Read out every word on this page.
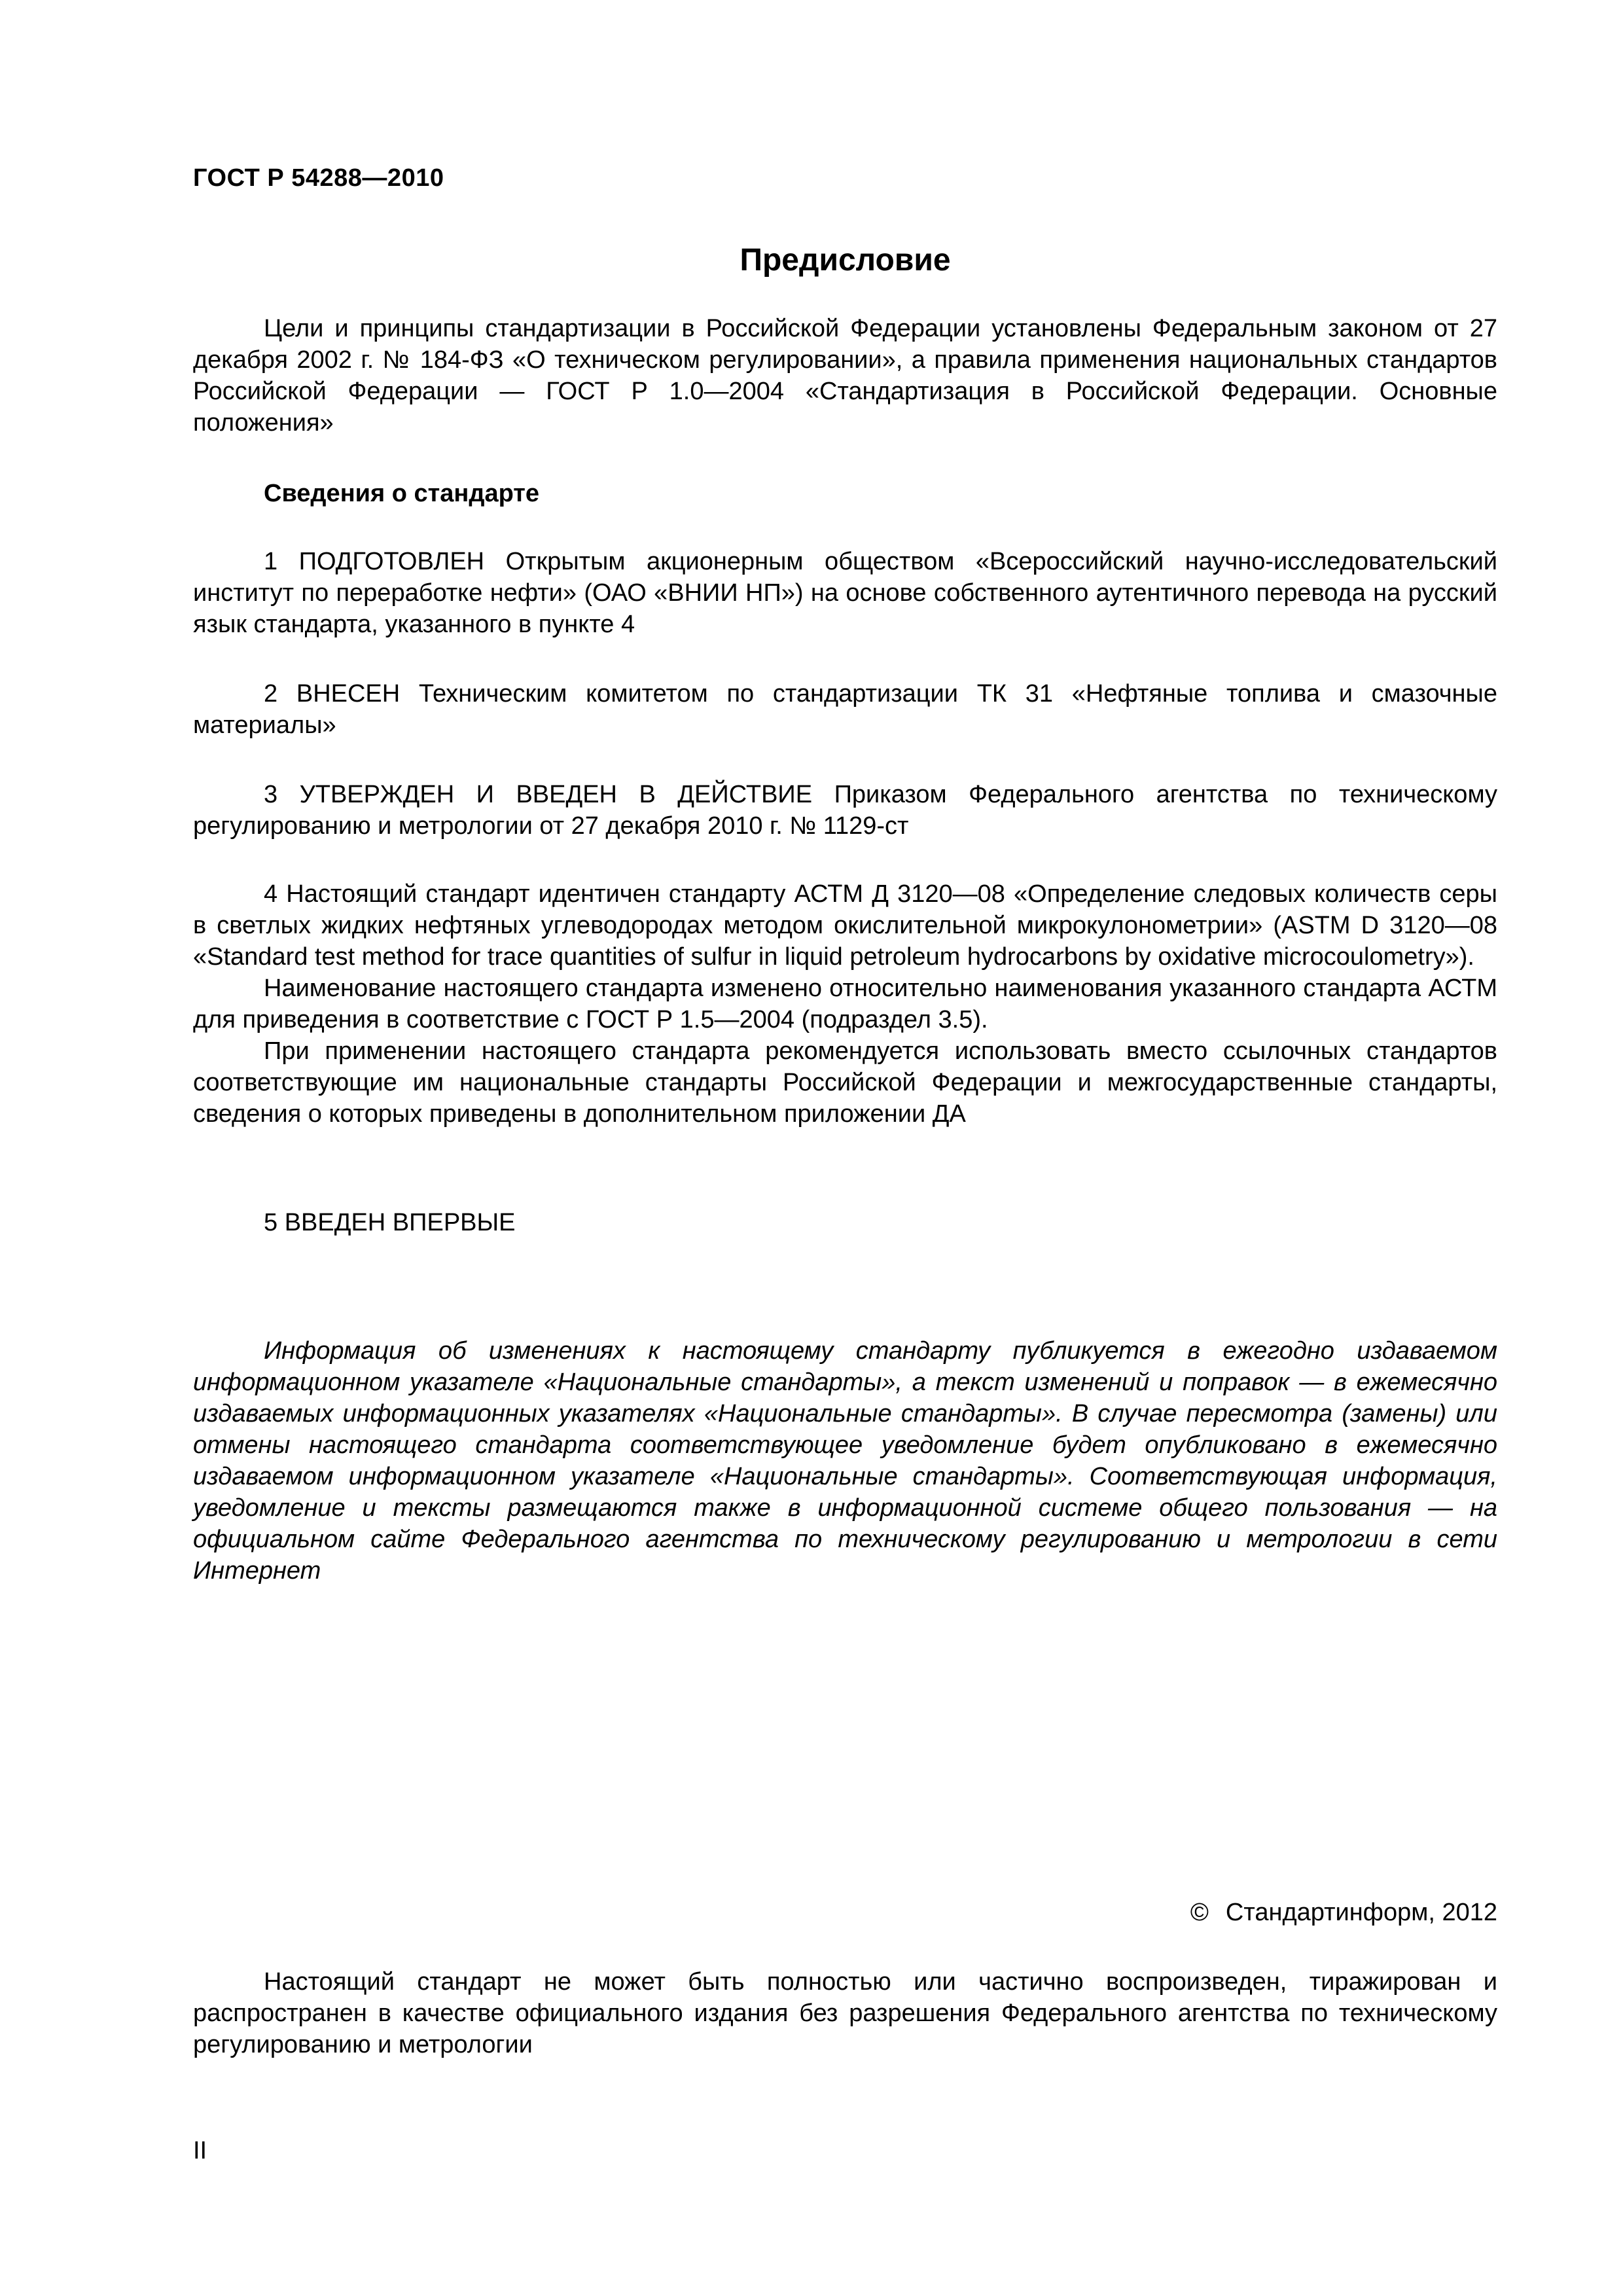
ГОСТ Р 54288—2010
Предисловие

Цели и принципы стандартизации в Российской Федерации установлены Федеральным законом от 27 декабря 2002 г. № 184-ФЗ «О техническом регулировании», а правила применения национальных стандартов Российской Федерации — ГОСТ Р 1.0—2004 «Стандартизация в Российской Федерации. Основные положения»

Сведения о стандарте

1 ПОДГОТОВЛЕН Открытым акционерным обществом «Всероссийский научно-исследовательский институт по переработке нефти» (ОАО «ВНИИ НП») на основе собственного аутентичного перевода на русский язык стандарта, указанного в пункте 4

2 ВНЕСЕН Техническим комитетом по стандартизации ТК 31 «Нефтяные топлива и смазочные материалы»

3 УТВЕРЖДЕН И ВВЕДЕН В ДЕЙСТВИЕ Приказом Федерального агентства по техническому регулированию и метрологии от 27 декабря 2010 г. № 1129-ст

4 Настоящий стандарт идентичен стандарту АСТМ Д 3120—08 «Определение следовых количеств серы в светлых жидких нефтяных углеводородах методом окислительной микрокулонометрии» (ASTM D 3120—08 «Standard test method for trace quantities of sulfur in liquid petroleum hydrocarbons by oxidative microcoulometry»).

Наименование настоящего стандарта изменено относительно наименования указанного стандарта АСТМ для приведения в соответствие с ГОСТ Р 1.5—2004 (подраздел 3.5).

При применении настоящего стандарта рекомендуется использовать вместо ссылочных стандартов соответствующие им национальные стандарты Российской Федерации и межгосударственные стандарты, сведения о которых приведены в дополнительном приложении ДА

5 ВВЕДЕН ВПЕРВЫЕ

Информация об изменениях к настоящему стандарту публикуется в ежегодно издаваемом информационном указателе «Национальные стандарты», а текст изменений и поправок — в ежемесячно издаваемых информационных указателях «Национальные стандарты». В случае пересмотра (замены) или отмены настоящего стандарта соответствующее уведомление будет опубликовано в ежемесячно издаваемом информационном указателе «Национальные стандарты». Соответствующая информация, уведомление и тексты размещаются также в информационной системе общего пользования — на официальном сайте Федерального агентства по техническому регулированию и метрологии в сети Интернет

© Стандартинформ, 2012

Настоящий стандарт не может быть полностью или частично воспроизведен, тиражирован и распространен в качестве официального издания без разрешения Федерального агентства по техническому регулированию и метрологии

II
